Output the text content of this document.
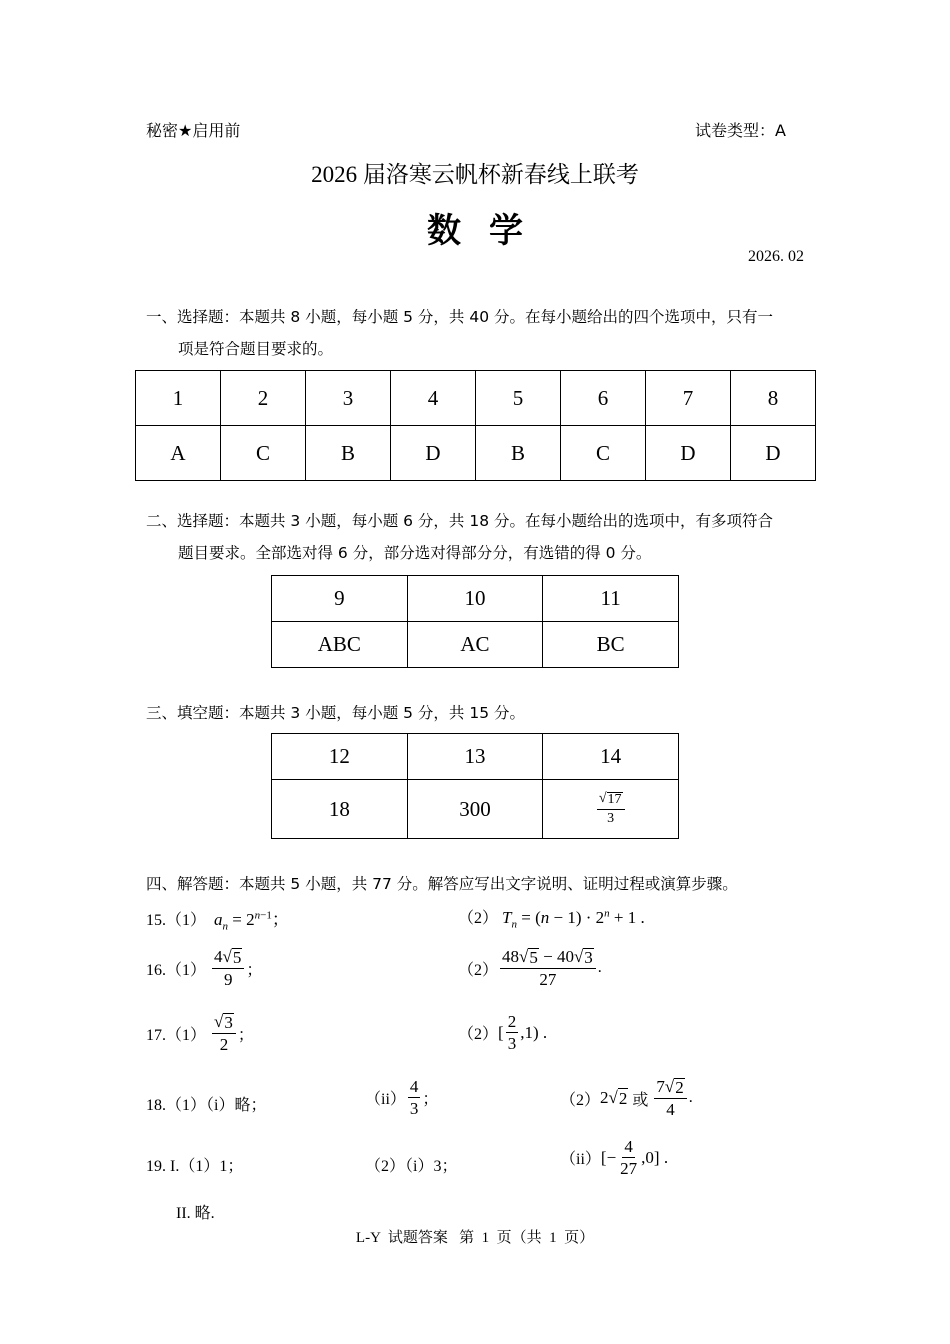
秘密★启用前	试卷类型：A
2026 届洛寒云帆杯新春线上联考
数学
2026. 02
一、选择题：本题共 8 小题，每小题 5 分，共 40 分。在每小题给出的四个选项中，只有一
项是符合题目要求的。
1	2	3	4	5	6	7	8
A	C	B	D	B	C	D	D
二、选择题：本题共 3 小题，每小题 6 分，共 18 分。在每小题给出的选项中，有多项符合
题目要求。全部选对得 6 分，部分选对得部分分，有选错的得 0 分。
9	10	11
ABC	AC	BC
三、填空题：本题共 3 小题，每小题 5 分，共 15 分。
12	13	14
18	300	$\frac{√ 17}{3}$
四、解答题：本题共 5 小题，共 77 分。解答应写出文字说明、证明过程或演算步骤。
15.（1） $a_n = 2^{n-1}$；	（2） $T_n = (n - 1) \cdot 2^n + 1$ .
$16.(1) \frac{4 √ 5}{9}$ ；	$(2) \frac{48 √ 5 - 40 √ 3}{27}$ .
$17.(1) \frac{√ 3}{2}$ ；	（2） [ $\frac{2}{3} ,1$) .
18.（1）（i）略；	$(ii) \frac{4}{3}$ ；	（2） 2 √ 2 或 $\frac{7 √ 2}{4}$ .
19. I.（1）1；	（2）（i）3；	（ii） [− $\frac{4}{27} ,0$] .
II. 略.
L-Y  试题答案   第  1  页（共  1  页）
